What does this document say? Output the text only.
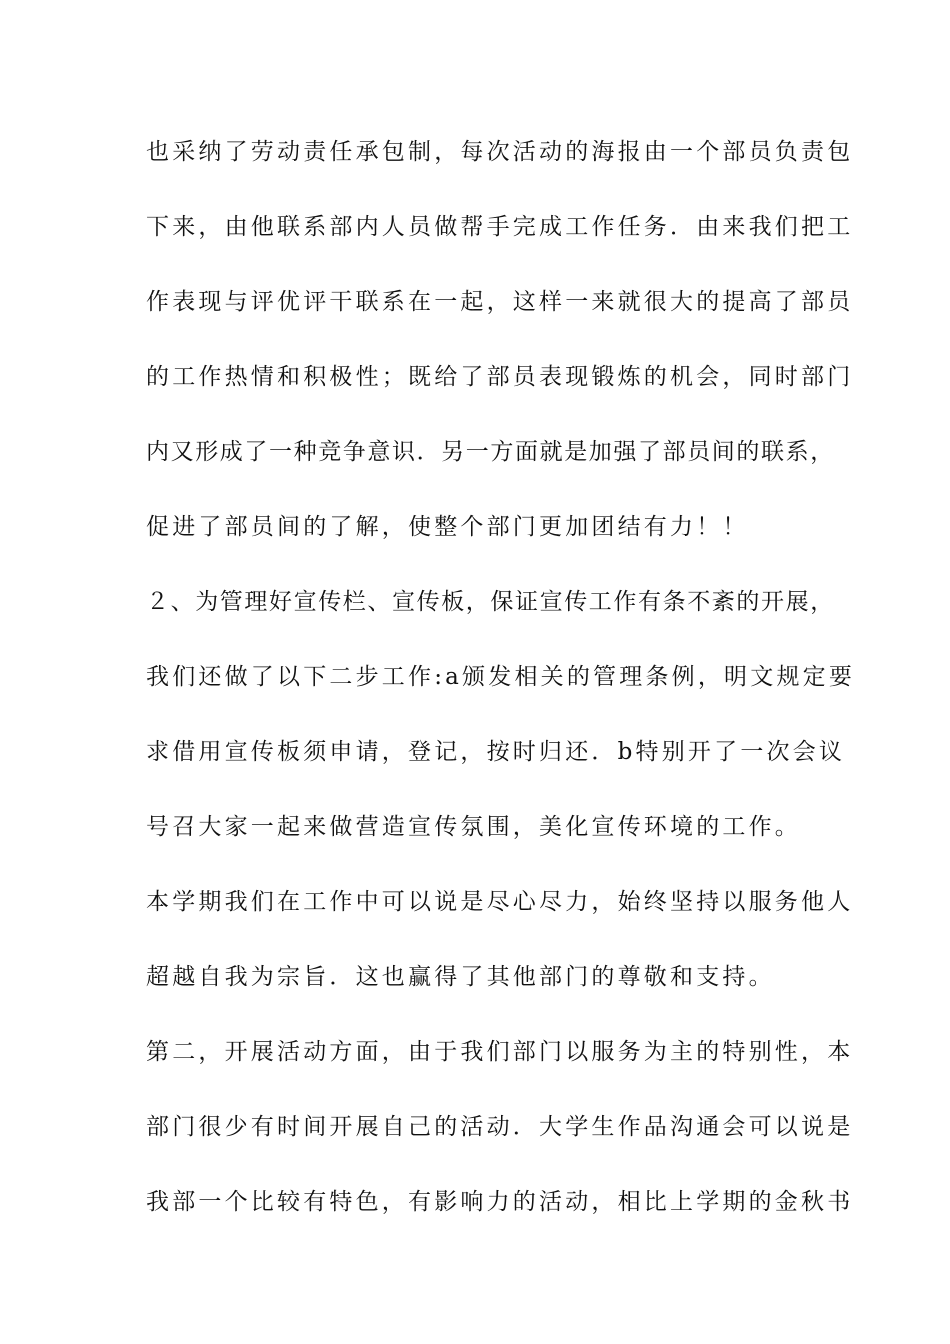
也采纳了劳动责任承包制，每次活动的海报由一个部员负责包
下来，由他联系部内人员做帮手完成工作任务．由来我们把工
作表现与评优评干联系在一起，这样一来就很大的提高了部员
的工作热情和积极性；既给了部员表现锻炼的机会，同时部门
内又形成了一种竞争意识．另一方面就是加强了部员间的联系，
促进了部员间的了解，使整个部门更加团结有力！！
２、为管理好宣传栏、宣传板，保证宣传工作有条不紊的开展，
我们还做了以下二步工作:a颁发相关的管理条例，明文规定要
求借用宣传板须申请，登记，按时归还．b特别开了一次会议
号召大家一起来做营造宣传氛围，美化宣传环境的工作。
本学期我们在工作中可以说是尽心尽力，始终坚持以服务他人
超越自我为宗旨．这也赢得了其他部门的尊敬和支持。
第二，开展活动方面，由于我们部门以服务为主的特别性，本
部门很少有时间开展自己的活动．大学生作品沟通会可以说是
我部一个比较有特色，有影响力的活动，相比上学期的金秋书
